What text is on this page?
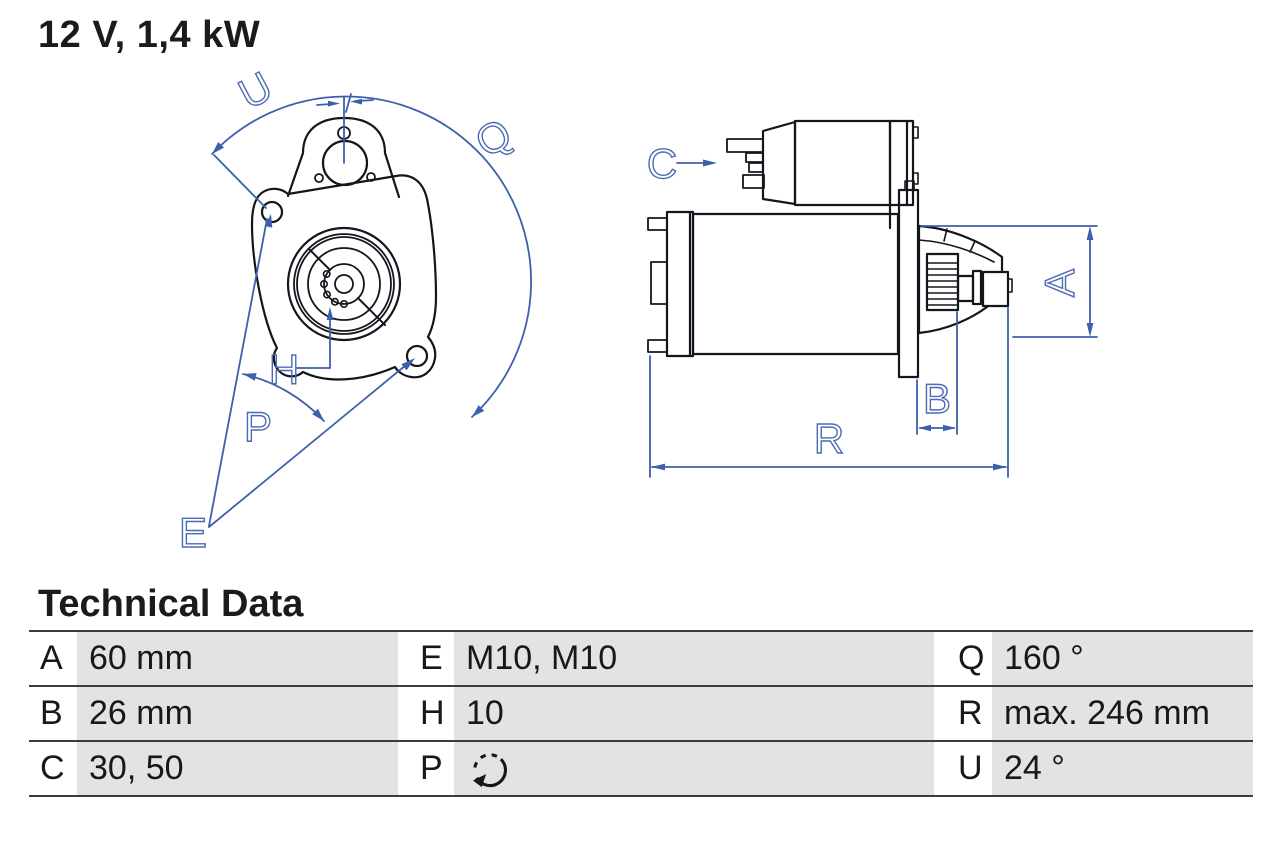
12 V, 1,4 kW
U
Q
H
P
E
C
A
B
R
Technical Data
A 60 mm	E M10, M10	Q 160 °
B 26 mm	H 10	R max. 246 mm
C 30, 50	P	U 24 °
